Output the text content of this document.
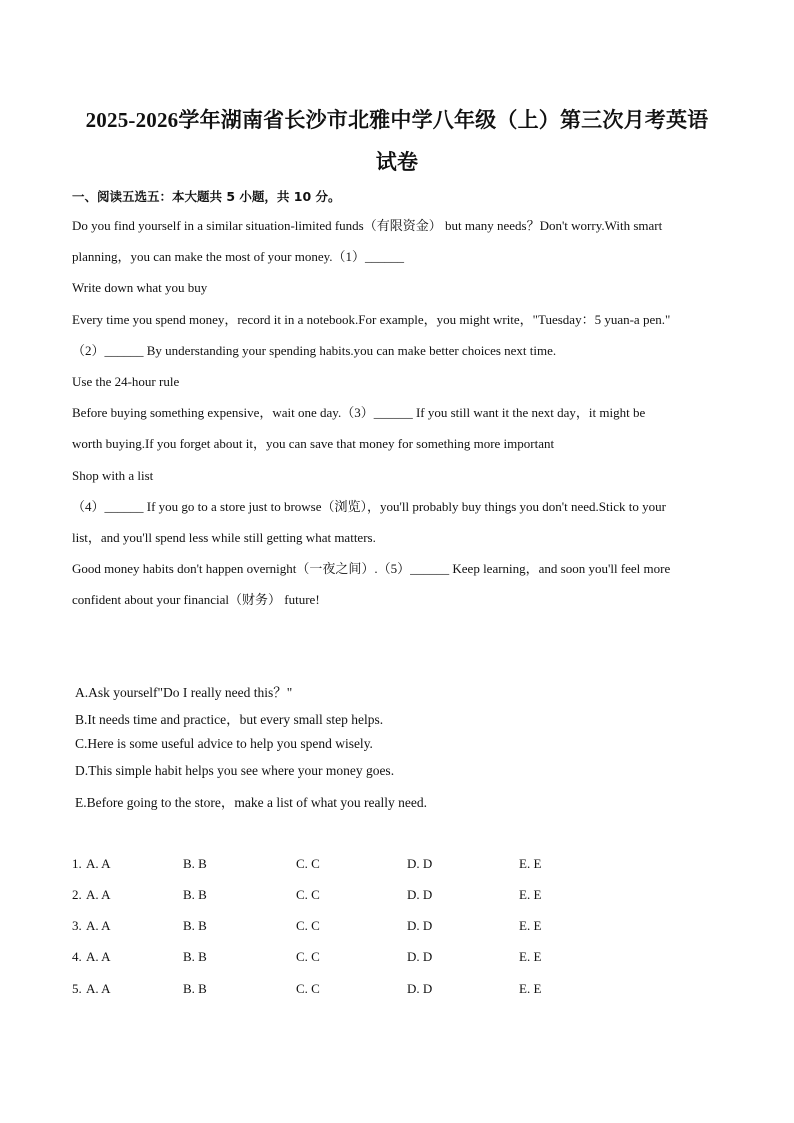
2025-2026学年湖南省长沙市北雅中学八年级（上）第三次月考英语
试卷
一、阅读五选五：本大题共 5 小题，共 10 分。
Do you find yourself in a similar situation-limited funds（有限资金） but many needs？Don't worry.With smart
planning，you can make the most of your money.（1）______
Write down what you buy
Every time you spend money，record it in a notebook.For example，you might write，"Tuesday：5 yuan-a pen."
（2）______ By understanding your spending habits.you can make better choices next time.
Use the 24-hour rule
Before buying something expensive，wait one day.（3）______ If you still want it the next day，it might be
worth buying.If you forget about it，you can save that money for something more important
Shop with a list
（4）______ If you go to a store just to browse（浏览），you'll probably buy things you don't need.Stick to your
list，and you'll spend less while still getting what matters.
Good money habits don't happen overnight（一夜之间）.（5）______ Keep learning，and soon you'll feel more
confident about your financial（财务） future!
A.Ask yourself"Do I really need this？"
B.It needs time and practice，but every small step helps.
C.Here is some useful advice to help you spend wisely.
D.This simple habit helps you see where your money goes.
E.Before going to the store，make a list of what you really need.
1. A. A	B. B	C. C	D. D	E. E
2. A. A	B. B	C. C	D. D	E. E
3. A. A	B. B	C. C	D. D	E. E
4. A. A	B. B	C. C	D. D	E. E
5. A. A	B. B	C. C	D. D	E. E
